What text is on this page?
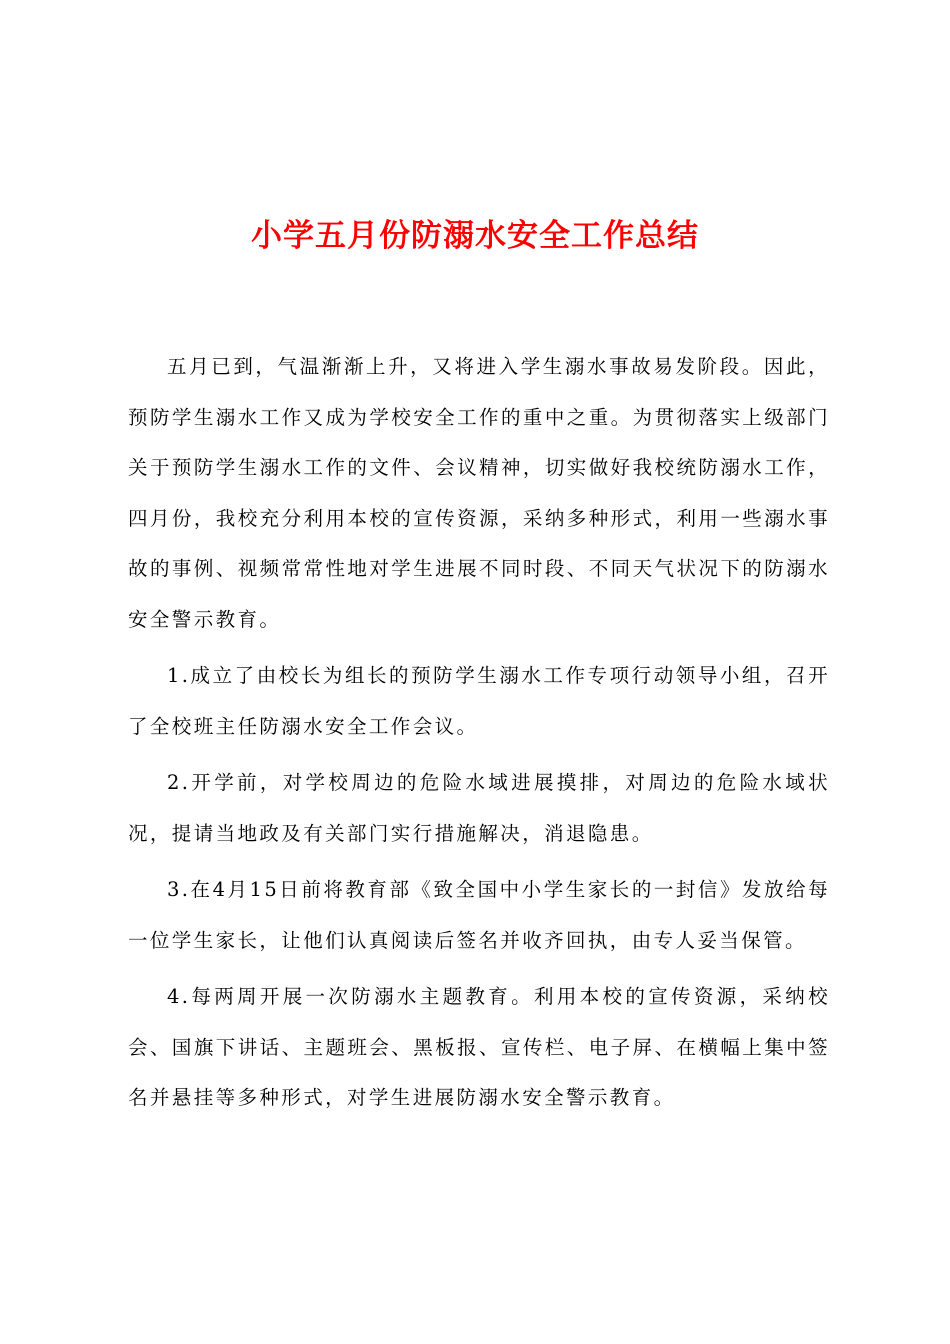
小学五月份防溺水安全工作总结

五月已到，气温渐渐上升，又将进入学生溺水事故易发阶段。因此，预防学生溺水工作又成为学校安全工作的重中之重。为贯彻落实上级部门关于预防学生溺水工作的文件、会议精神，切实做好我校统防溺水工作，四月份，我校充分利用本校的宣传资源，采纳多种形式，利用一些溺水事故的事例、视频常常性地对学生进展不同时段、不同天气状况下的防溺水安全警示教育。

1.成立了由校长为组长的预防学生溺水工作专项行动领导小组，召开了全校班主任防溺水安全工作会议。

2.开学前，对学校周边的危险水域进展摸排，对周边的危险水域状况，提请当地政及有关部门实行措施解决，消退隐患。

3.在4月15日前将教育部《致全国中小学生家长的一封信》发放给每一位学生家长，让他们认真阅读后签名并收齐回执，由专人妥当保管。

4.每两周开展一次防溺水主题教育。利用本校的宣传资源，采纳校会、国旗下讲话、主题班会、黑板报、宣传栏、电子屏、在横幅上集中签名并悬挂等多种形式，对学生进展防溺水安全警示教育。
